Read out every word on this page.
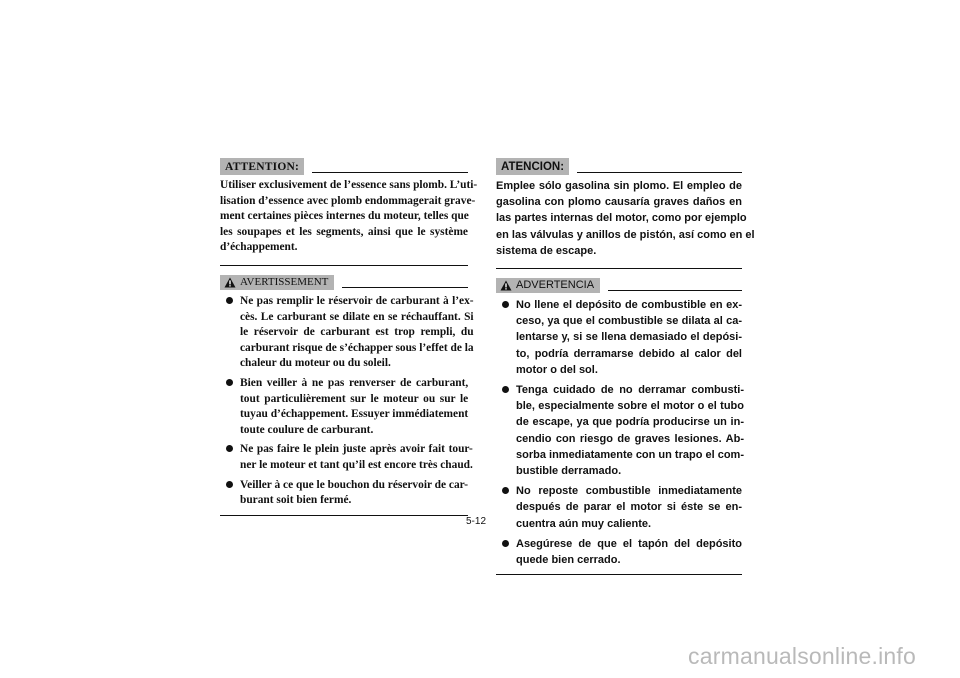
ATTENTION:
Utiliser exclusivement de l’essence sans plomb. L’uti-
lisation d’essence avec plomb endommagerait grave-
ment certaines pièces internes du moteur, telles que
les soupapes et les segments, ainsi que le système
d’échappement.
AVERTISSEMENT
Ne pas remplir le réservoir de carburant à l’ex-
cès. Le carburant se dilate en se réchauffant. Si
le réservoir de carburant est trop rempli, du
carburant risque de s’échapper sous l’effet de la
chaleur du moteur ou du soleil.
Bien veiller à ne pas renverser de carburant,
tout particulièrement sur le moteur ou sur le
tuyau d’échappement. Essuyer immédiatement
toute coulure de carburant.
Ne pas faire le plein juste après avoir fait tour-
ner le moteur et tant qu’il est encore très chaud.
Veiller à ce que le bouchon du réservoir de car-
burant soit bien fermé.
ATENCION:
Emplee sólo gasolina sin plomo. El empleo de
gasolina con plomo causaría graves daños en
las partes internas del motor, como por ejemplo
en las válvulas y anillos de pistón, así como en el
sistema de escape.
ADVERTENCIA
No llene el depósito de combustible en ex-
ceso, ya que el combustible se dilata al ca-
lentarse y, si se llena demasiado el depósi-
to, podría derramarse debido al calor del
motor o del sol.
Tenga cuidado de no derramar combusti-
ble, especialmente sobre el motor o el tubo
de escape, ya que podría producirse un in-
cendio con riesgo de graves lesiones. Ab-
sorba inmediatamente con un trapo el com-
bustible derramado.
No reposte combustible inmediatamente
después de parar el motor si éste se en-
cuentra aún muy caliente.
Asegúrese de que el tapón del depósito
quede bien cerrado.
5-12
carmanualsonline.info
